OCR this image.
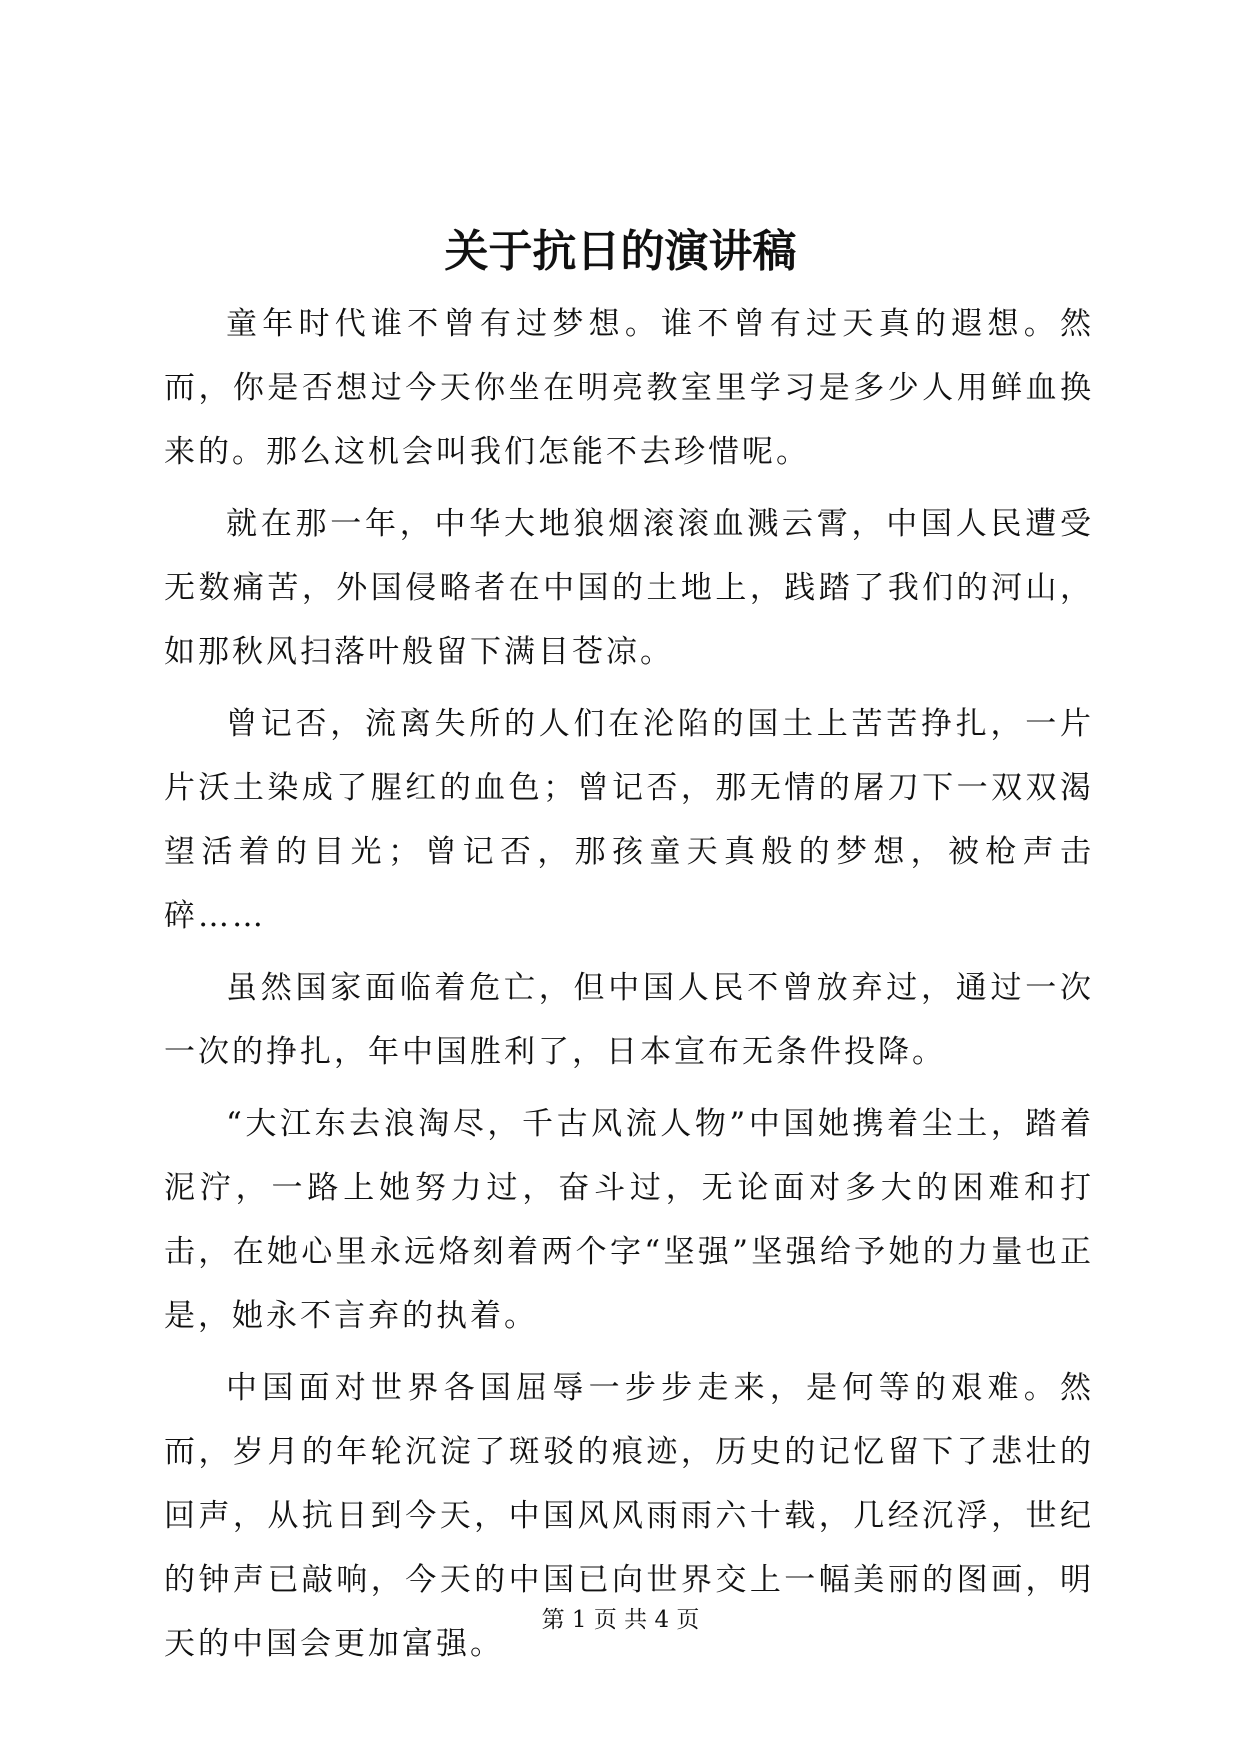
关于抗日的演讲稿

童年时代谁不曾有过梦想。谁不曾有过天真的遐想。然而，你是否想过今天你坐在明亮教室里学习是多少人用鲜血换来的。那么这机会叫我们怎能不去珍惜呢。

就在那一年，中华大地狼烟滚滚血溅云霄，中国人民遭受无数痛苦，外国侵略者在中国的土地上，践踏了我们的河山，如那秋风扫落叶般留下满目苍凉。

曾记否，流离失所的人们在沦陷的国土上苦苦挣扎，一片片沃土染成了腥红的血色；曾记否，那无情的屠刀下一双双渴望活着的目光；曾记否，那孩童天真般的梦想，被枪声击碎……

虽然国家面临着危亡，但中国人民不曾放弃过，通过一次一次的挣扎，年中国胜利了，日本宣布无条件投降。

“大江东去浪淘尽，千古风流人物”中国她携着尘土，踏着泥泞，一路上她努力过，奋斗过，无论面对多大的困难和打击，在她心里永远烙刻着两个字“坚强”坚强给予她的力量也正是，她永不言弃的执着。

中国面对世界各国屈辱一步步走来，是何等的艰难。然而，岁月的年轮沉淀了斑驳的痕迹，历史的记忆留下了悲壮的回声，从抗日到今天，中国风风雨雨六十载，几经沉浮，世纪的钟声已敲响，今天的中国已向世界交上一幅美丽的图画，明天的中国会更加富强。

第 1 页 共 4 页
